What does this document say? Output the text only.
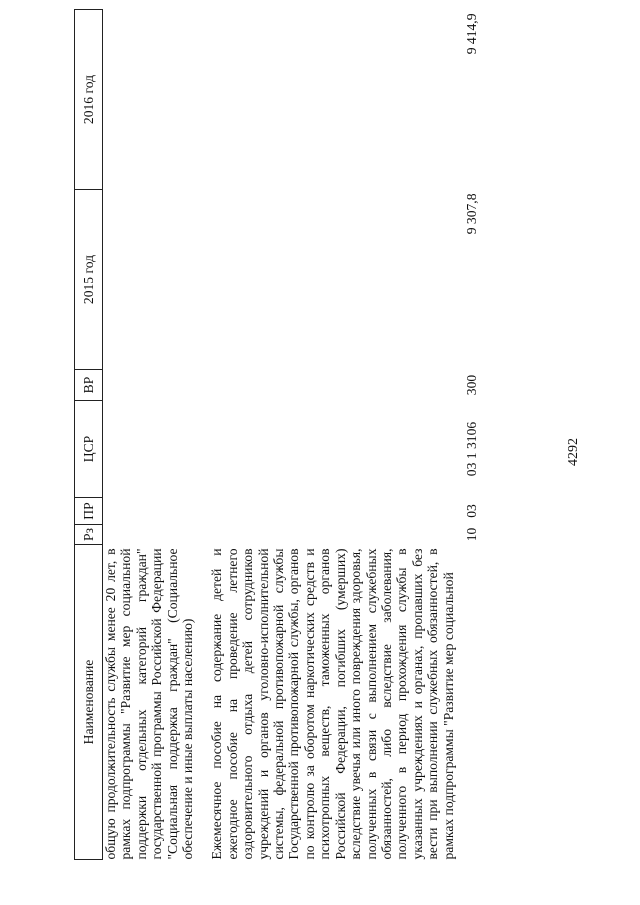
4292
Наименование	Рз	ПР	ЦСР	ВР	2015 год	2016 год
общую продолжительность службы менее 20 лет, в рамках подпрограммы "Развитие мер социальной поддержки отдельных категорий граждан" государственной программы Российской Федерации "Социальная поддержка граждан" (Социальное обеспечение и иные выплаты населению)						
Ежемесячное пособие на содержание детей и ежегодное пособие на проведение летнего оздоровительного отдыха детей сотрудников учреждений и органов уголовно-исполнительной системы, федеральной противопожарной службы Государственной противопожарной службы, органов по контролю за оборотом наркотических средств и психотропных веществ, таможенных органов Российской Федерации, погибших (умерших) вследствие увечья или иного повреждения здоровья, полученных в связи с выполнением служебных обязанностей, либо вследствие заболевания, полученного в период прохождения службы в указанных учреждениях и органах, пропавших без вести при выполнении служебных обязанностей, в рамках подпрограммы "Развитие мер социальной	10	03	03 1 3106	300	9 307,8	9 414,9
